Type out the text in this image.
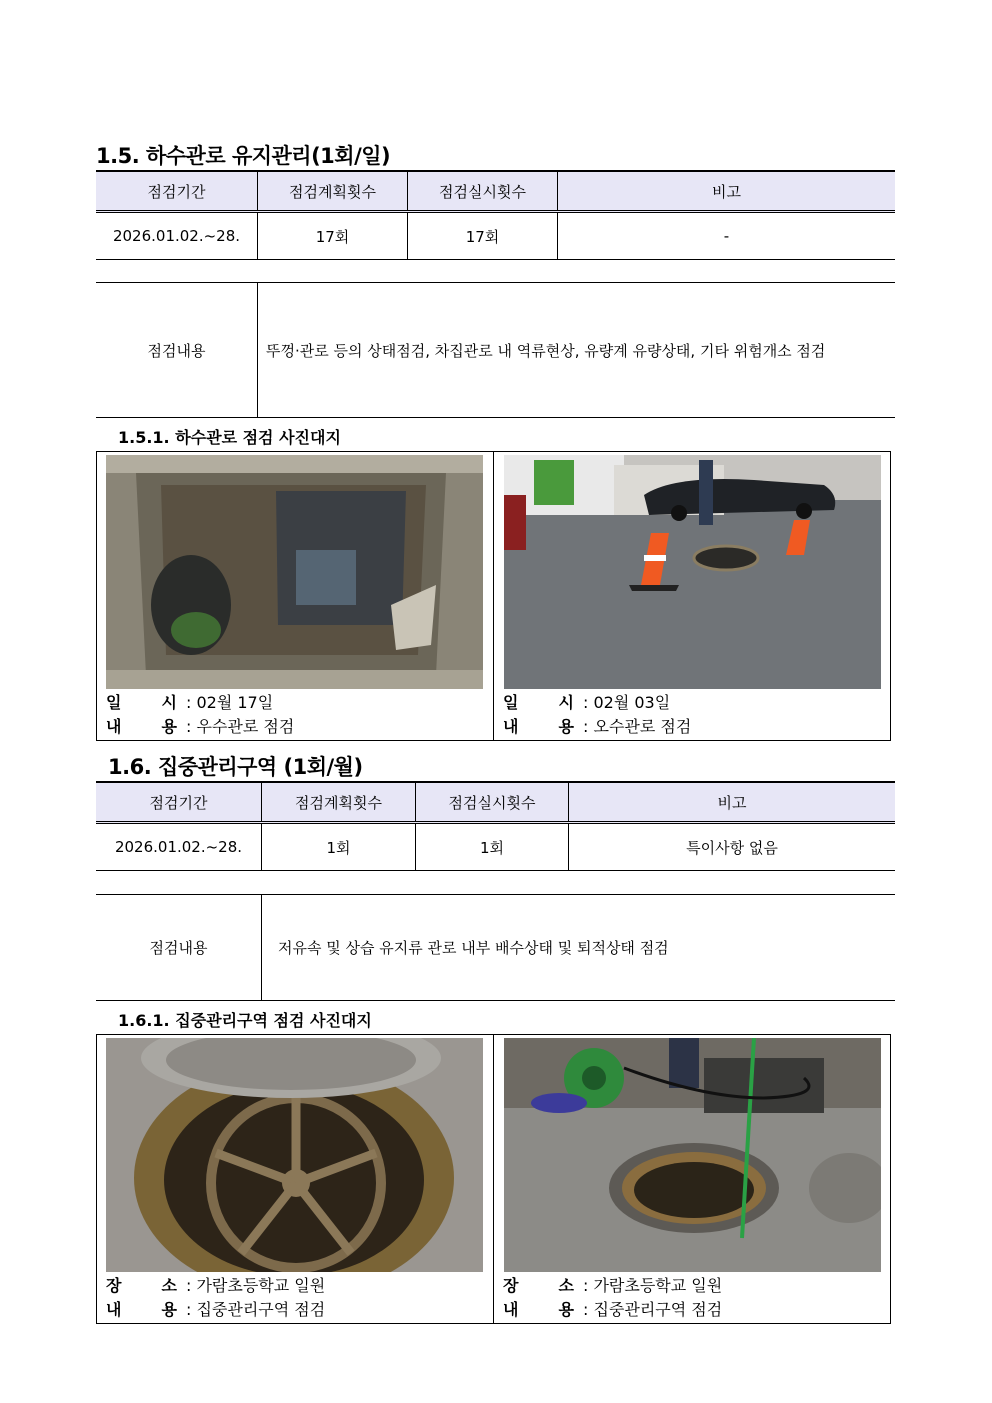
1.5. 하수관로 유지관리(1회/일)
점검기간	점검계획횟수	점검실시횟수	비고
2026.01.02.~28.	17회	17회	-
점검내용	뚜껑·관로 등의 상태점검, 차집관로 내 역류현상, 유량계 유량상태, 기타 위험개소 점검
1.5.1. 하수관로 점검 사진대지
일	시 : 02월 17일
내	용 : 우수관로 점검
일	시 : 02월 03일
내	용 : 오수관로 점검
1.6. 집중관리구역 (1회/월)
점검기간	점검계획횟수	점검실시횟수	비고
2026.01.02.~28.	1회	1회	특이사항 없음
점검내용	저유속 및 상습 유지류 관로 내부 배수상태 및 퇴적상태 점검
1.6.1. 집중관리구역 점검 사진대지
장	소 : 가람초등학교 일원
내	용 : 집중관리구역 점검
장	소 : 가람초등학교 일원
내	용 : 집중관리구역 점검
